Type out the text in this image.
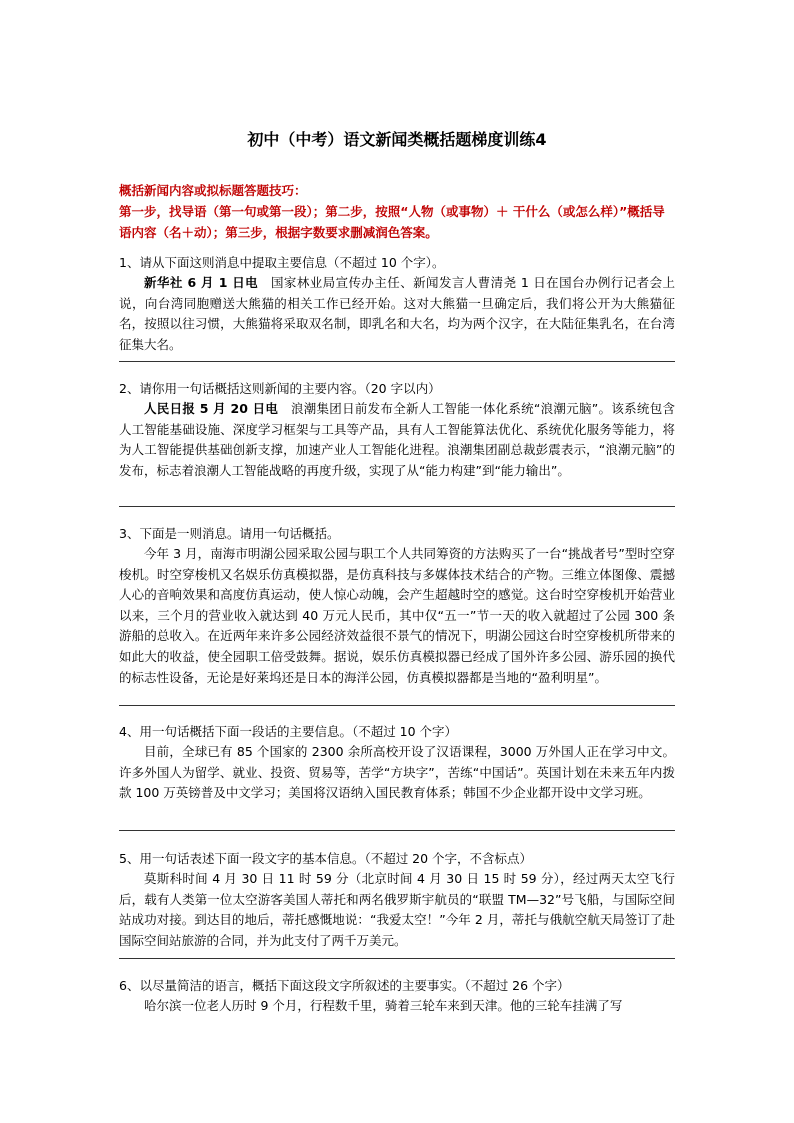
初中（中考）语文新闻类概括题梯度训练4
概括新闻内容或拟标题答题技巧：
第一步，找导语（第一句或第一段）；第二步，按照“人物（或事物）＋ 干什么（或怎么样）”概括导语内容（名＋动）；第三步，根据字数要求删减润色答案。
1、请从下面这则消息中提取主要信息（不超过 10 个字）。
新华社 6 月 1 日电　国家林业局宣传办主任、新闻发言人曹清尧 1 日在国台办例行记者会上说，向台湾同胞赠送大熊猫的相关工作已经开始。这对大熊猫一旦确定后，我们将公开为大熊猫征名，按照以往习惯，大熊猫将采取双名制，即乳名和大名，均为两个汉字，在大陆征集乳名，在台湾征集大名。
2、请你用一句话概括这则新闻的主要内容。（20 字以内）
人民日报 5 月 20 日电　浪潮集团日前发布全新人工智能一体化系统“浪潮元脑”。该系统包含人工智能基础设施、深度学习框架与工具等产品，具有人工智能算法优化、系统优化服务等能力，将为人工智能提供基础创新支撑，加速产业人工智能化进程。浪潮集团副总裁彭震表示，“浪潮元脑”的发布，标志着浪潮人工智能战略的再度升级，实现了从“能力构建”到“能力输出”。
3、下面是一则消息。请用一句话概括。
今年 3 月，南海市明湖公园采取公园与职工个人共同筹资的方法购买了一台“挑战者号”型时空穿梭机。时空穿梭机又名娱乐仿真模拟器，是仿真科技与多媒体技术结合的产物。三维立体图像、震撼人心的音响效果和高度仿真运动，使人惊心动魄，会产生超越时空的感觉。这台时空穿梭机开始营业以来，三个月的营业收入就达到 40 万元人民币，其中仅“五一”节一天的收入就超过了公园 300 条游船的总收入。在近两年来许多公园经济效益很不景气的情况下，明湖公园这台时空穿梭机所带来的如此大的收益，使全园职工倍受鼓舞。据说，娱乐仿真模拟器已经成了国外许多公园、游乐园的换代的标志性设备，无论是好莱坞还是日本的海洋公园，仿真模拟器都是当地的“盈利明星”。
4、用一句话概括下面一段话的主要信息。（不超过 10 个字）
目前，全球已有 85 个国家的 2300 余所高校开设了汉语课程，3000 万外国人正在学习中文。许多外国人为留学、就业、投资、贸易等，苦学“方块字”，苦练“中国话”。英国计划在未来五年内拨款 100 万英镑普及中文学习；美国将汉语纳入国民教育体系；韩国不少企业都开设中文学习班。
5、用一句话表述下面一段文字的基本信息。（不超过 20 个字，不含标点）
莫斯科时间 4 月 30 日 11 时 59 分（北京时间 4 月 30 日 15 时 59 分），经过两天太空飞行后，载有人类第一位太空游客美国人蒂托和两名俄罗斯宇航员的“联盟 TM—32”号飞船，与国际空间站成功对接。到达目的地后，蒂托感慨地说：“我爱太空！”今年 2 月，蒂托与俄航空航天局签订了赴国际空间站旅游的合同，并为此支付了两千万美元。
6、以尽量简洁的语言，概括下面这段文字所叙述的主要事实。（不超过 26 个字）
哈尔滨一位老人历时 9 个月，行程数千里，骑着三轮车来到天津。他的三轮车挂满了写
